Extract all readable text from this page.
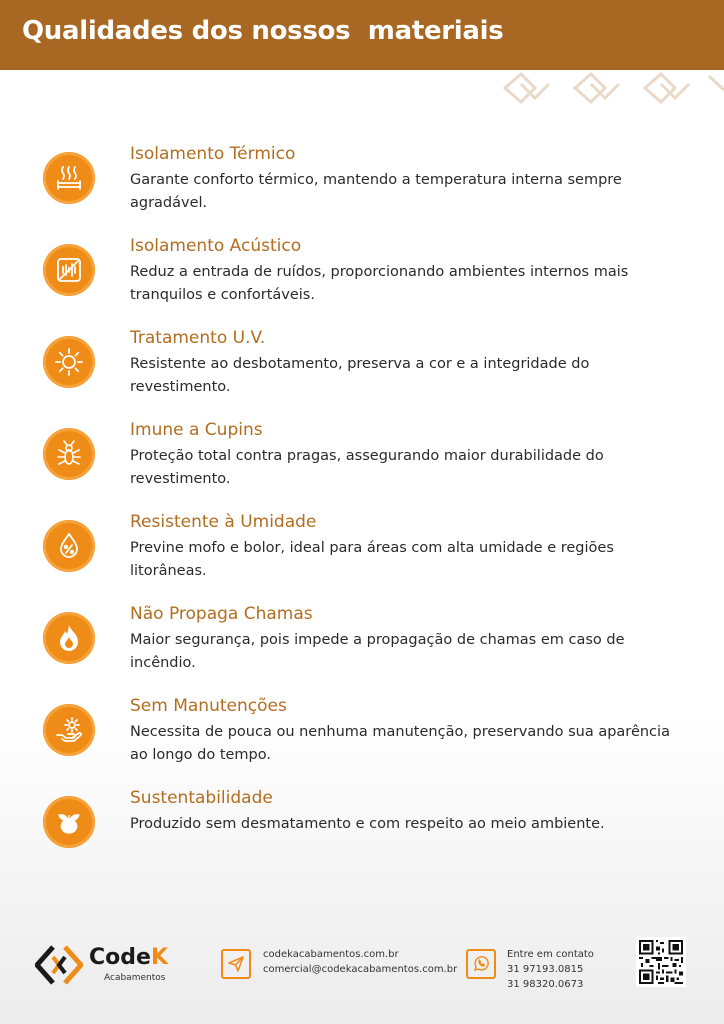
Qualidades dos nossos  materiais
Isolamento Térmico
Garante conforto térmico, mantendo a temperatura interna sempre agradável.
Isolamento Acústico
Reduz a entrada de ruídos, proporcionando ambientes internos mais tranquilos e confortáveis.
Tratamento U.V.
Resistente ao desbotamento, preserva a cor e a integridade do revestimento.
Imune a Cupins
Proteção total contra pragas, assegurando maior durabilidade do revestimento.
Resistente à Umidade
Previne mofo e bolor, ideal para áreas com alta umidade e regiões litorâneas.
Não Propaga Chamas
Maior segurança, pois impede a propagação de chamas em caso de incêndio.
Sem Manutenções
Necessita de pouca ou nenhuma manutenção, preservando sua aparência ao longo do tempo.
Sustentabilidade
Produzido sem desmatamento e com respeito ao meio ambiente.
CodeK
Acabamentos
codekacabamentos.com.br
comercial@codekacabamentos.com.br
Entre em contato
31 97193.0815
31 98320.0673
